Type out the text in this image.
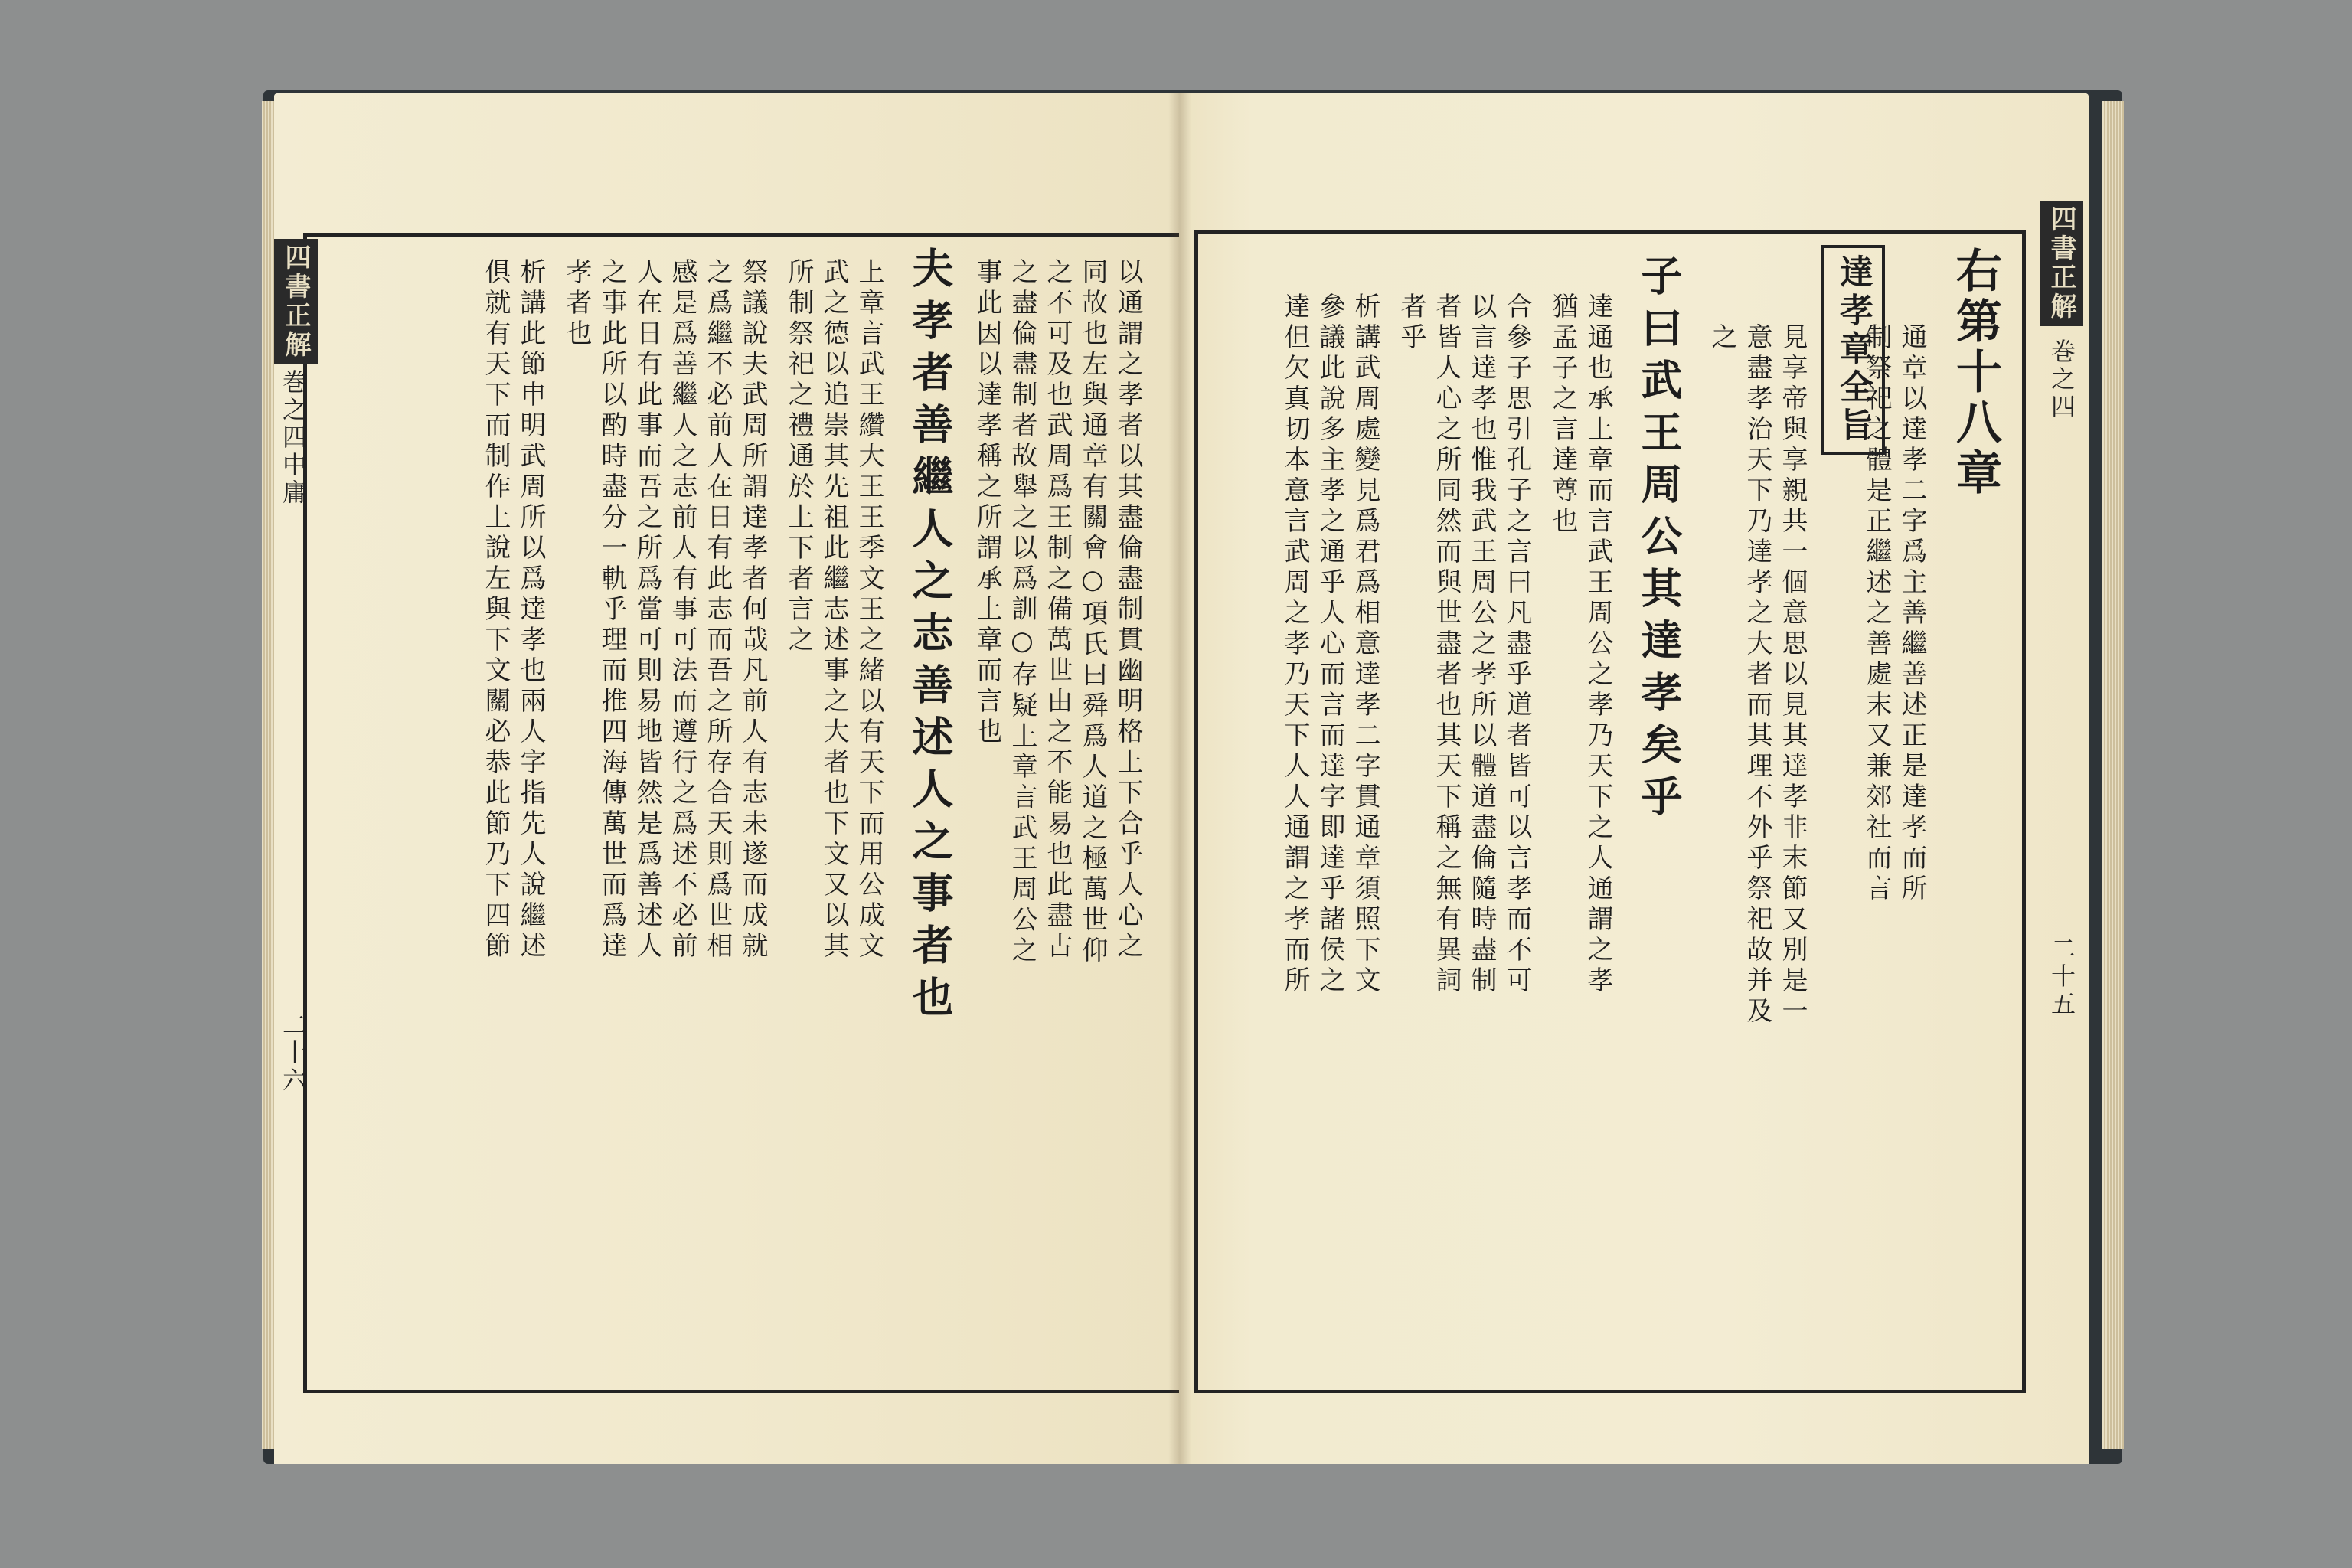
四書正解
巻之四中庸
二十六
以通謂之孝者以其盡倫盡制貫幽明格上下合乎人心之
同故也左與通章有關會○項氏曰舜爲人道之極萬世仰
之不可及也武周爲王制之備萬世由之不能易也此盡古
之盡倫盡制者故舉之以爲訓○存疑上章言武王周公之
事此因以達孝稱之所謂承上章而言也
夫孝者善繼人之志善述人之事者也
上章言武王纘大王王季文王之緒以有天下而用公成文
武之德以追崇其先祖此繼志述事之大者也下文又以其
所制祭祀之禮通於上下者言之
祭議說夫武周所謂達孝者何哉凡前人有志未遂而成就
之爲繼不必前人在日有此志而吾之所存合天則爲世相
感是爲善繼人之志前人有事可法而遵行之爲述不必前
人在日有此事而吾之所爲當可則易地皆然是爲善述人
之事此所以酌時盡分一軌乎理而推四海傳萬世而爲達
孝者也
析講此節申明武周所以爲達孝也兩人字指先人說繼述
俱就有天下而制作上說左與下文關必恭此節乃下四節	四書正解
巻之四
二十五
右第十八章
通章以達孝二字爲主善繼善述正是達孝而所
制祭祀之體是正繼述之善處末又兼郊社而言
達孝章全旨
見享帝與享親共一個意思以見其達孝非末節又別是一
意盡孝治天下乃達孝之大者而其理不外乎祭祀故并及
之
子曰武王周公其達孝矣乎
達通也承上章而言武王周公之孝乃天下之人通謂之孝
猶孟子之言達尊也
合參子思引孔子之言曰凡盡乎道者皆可以言孝而不可
以言達孝也惟我武王周公之孝所以體道盡倫隨時盡制
者皆人心之所同然而與世盡者也其天下稱之無有異詞
者乎
析講武周處變見爲君爲相意達孝二字貫通章須照下文
參議此說多主孝之通乎人心而言而達字即達乎諸侯之
達但欠真切本意言武周之孝乃天下人人通謂之孝而所
